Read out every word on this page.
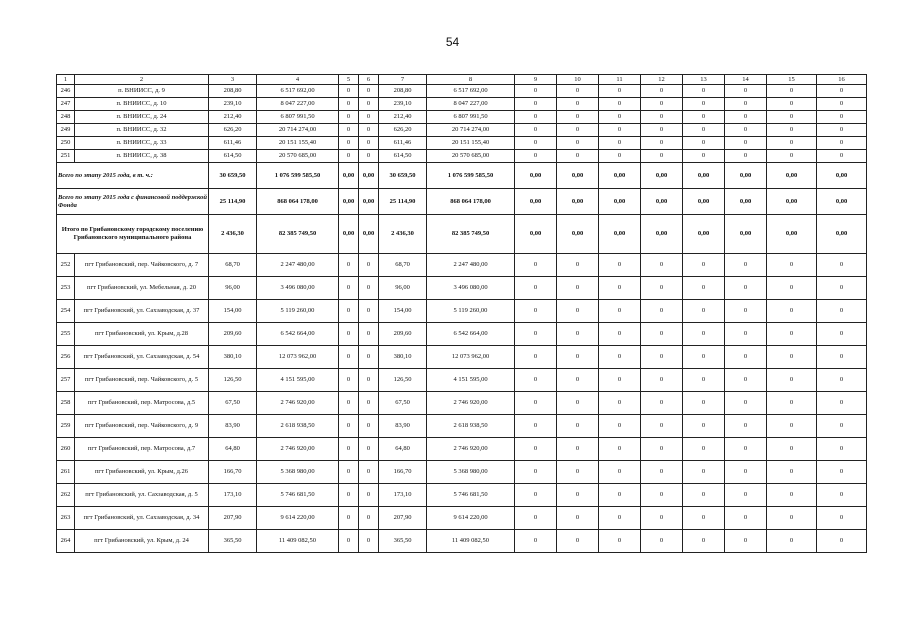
54
1	2	3	4	5	6	7	8	9	10	11	12	13	14	15	16
246	п. ВНИИСС, д. 9	208,80	6 517 692,00	0	0	208,80	6 517 692,00	0	0	0	0	0	0	0	0
247	п. ВНИИСС, д. 10	239,10	8 047 227,00	0	0	239,10	8 047 227,00	0	0	0	0	0	0	0	0
248	п. ВНИИСС, д. 24	212,40	6 807 991,50	0	0	212,40	6 807 991,50	0	0	0	0	0	0	0	0
249	п. ВНИИСС, д. 32	626,20	20 714 274,00	0	0	626,20	20 714 274,00	0	0	0	0	0	0	0	0
250	п. ВНИИСС, д. 33	611,46	20 151 155,40	0	0	611,46	20 151 155,40	0	0	0	0	0	0	0	0
251	п. ВНИИСС, д. 38	614,50	20 570 685,00	0	0	614,50	20 570 685,00	0	0	0	0	0	0	0	0
Всего по этапу 2015 года, в т. ч.:		30 659,50	1 076 599 585,50	0,00	0,00	30 659,50	1 076 599 585,50	0,00	0,00	0,00	0,00	0,00	0,00	0,00	0,00
Всего по этапу 2015 года с финансовой поддержкой Фонда		25 114,90	868 064 178,00	0,00	0,00	25 114,90	868 064 178,00	0,00	0,00	0,00	0,00	0,00	0,00	0,00	0,00
Итого по Грибановскому городскому поселению Грибановского муниципального района		2 436,30	82 385 749,50	0,00	0,00	2 436,30	82 385 749,50	0,00	0,00	0,00	0,00	0,00	0,00	0,00	0,00
252	пгт Грибановский, пер. Чайковского, д. 7	68,70	2 247 480,00	0	0	68,70	2 247 480,00	0	0	0	0	0	0	0	0
253	пгт Грибановский, ул. Мебельная, д. 20	96,00	3 496 080,00	0	0	96,00	3 496 080,00	0	0	0	0	0	0	0	0
254	пгт Грибановский, ул. Сахзаводская, д. 37	154,00	5 119 260,00	0	0	154,00	5 119 260,00	0	0	0	0	0	0	0	0
255	пгт Грибановский, ул. Крым, д.28	209,60	6 542 664,00	0	0	209,60	6 542 664,00	0	0	0	0	0	0	0	0
256	пгт Грибановский, ул. Сахзаводская, д. 54	380,10	12 073 962,00	0	0	380,10	12 073 962,00	0	0	0	0	0	0	0	0
257	пгт Грибановский, пер. Чайковского, д. 5	126,50	4 151 595,00	0	0	126,50	4 151 595,00	0	0	0	0	0	0	0	0
258	пгт Грибановский, пер. Матросова, д.5	67,50	2 746 920,00	0	0	67,50	2 746 920,00	0	0	0	0	0	0	0	0
259	пгт Грибановский, пер. Чайковского, д. 9	83,90	2 618 938,50	0	0	83,90	2 618 938,50	0	0	0	0	0	0	0	0
260	пгт Грибановский, пер. Матросова, д.7	64,80	2 746 920,00	0	0	64,80	2 746 920,00	0	0	0	0	0	0	0	0
261	пгт Грибановский, ул. Крым, д.26	166,70	5 368 980,00	0	0	166,70	5 368 980,00	0	0	0	0	0	0	0	0
262	пгт Грибановский, ул. Сахзаводская, д. 5	173,10	5 746 681,50	0	0	173,10	5 746 681,50	0	0	0	0	0	0	0	0
263	пгт Грибановский, ул. Сахзаводская, д. 34	207,90	9 614 220,00	0	0	207,90	9 614 220,00	0	0	0	0	0	0	0	0
264	пгт Грибановский, ул. Крым, д. 24	365,50	11 409 082,50	0	0	365,50	11 409 082,50	0	0	0	0	0	0	0	0
